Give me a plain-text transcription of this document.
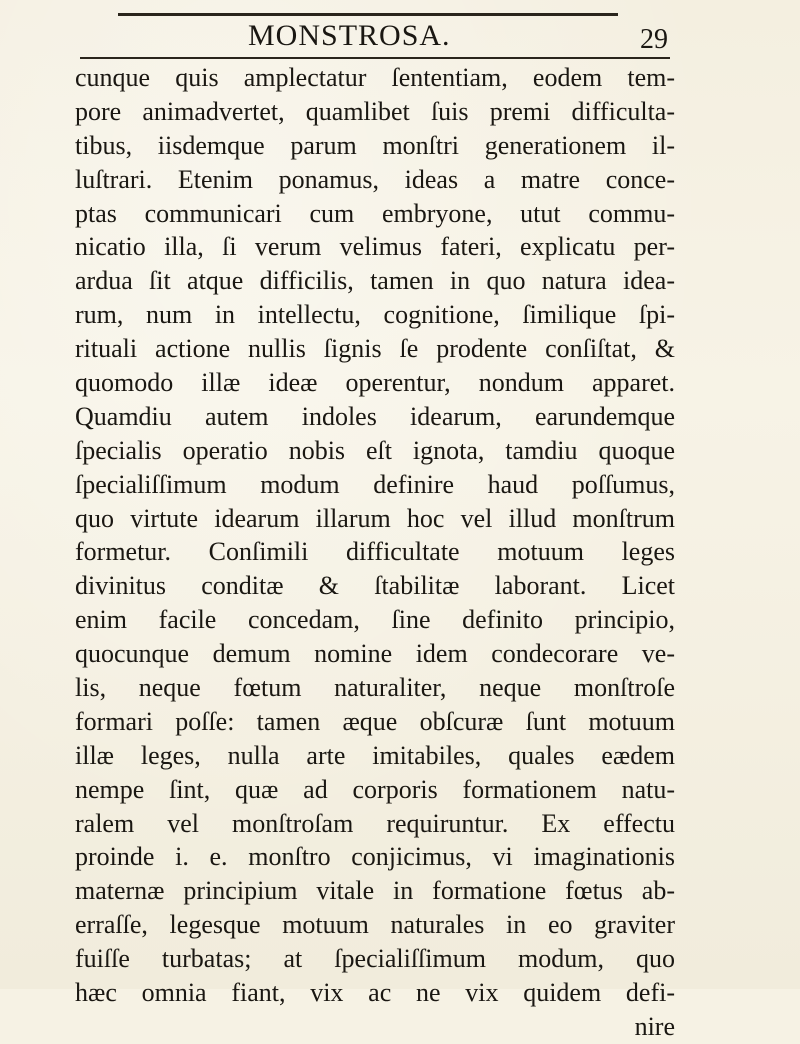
MONSTROSA.	29
cunque quis amplectatur ſententiam, eodem tem-
pore animadvertet, quamlibet ſuis premi difficulta-
tibus, iisdemque parum monſtri generationem il-
luſtrari. Etenim ponamus, ideas a matre conce-
ptas communicari cum embryone, utut commu-
nicatio illa, ſi verum velimus fateri, explicatu per-
ardua ſit atque difficilis, tamen in quo natura idea-
rum, num in intellectu, cognitione, ſimilique ſpi-
rituali actione nullis ſignis ſe prodente conſiſtat, &
quomodo illæ ideæ operentur, nondum apparet.
Quamdiu autem indoles idearum, earundemque
ſpecialis operatio nobis eſt ignota, tamdiu quoque
ſpecialiſſimum modum definire haud poſſumus,
quo virtute idearum illarum hoc vel illud monſtrum
formetur. Conſimili difficultate motuum leges
divinitus conditæ & ſtabilitæ laborant. Licet
enim facile concedam, ſine definito principio,
quocunque demum nomine idem condecorare ve-
lis, neque fœtum naturaliter, neque monſtroſe
formari poſſe: tamen æque obſcuræ ſunt motuum
illæ leges, nulla arte imitabiles, quales eædem
nempe ſint, quæ ad corporis formationem natu-
ralem vel monſtroſam requiruntur. Ex effectu
proinde i. e. monſtro conjicimus, vi imaginationis
maternæ principium vitale in formatione fœtus ab-
erraſſe, legesque motuum naturales in eo graviter
fuiſſe turbatas; at ſpecialiſſimum modum, quo
hæc omnia fiant, vix ac ne vix quidem defi-
nire
